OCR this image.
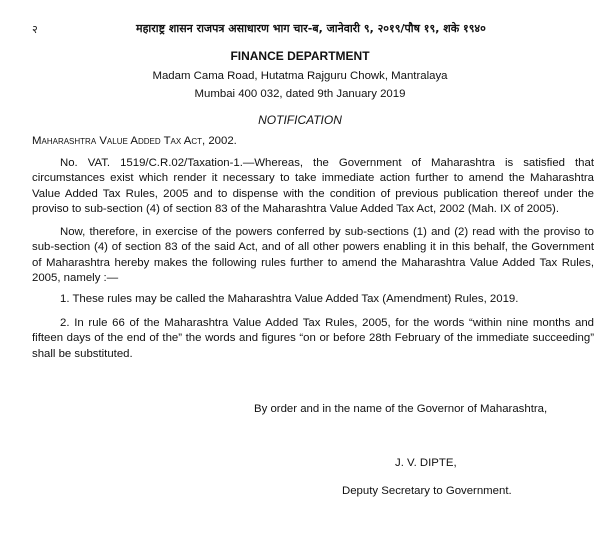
२	महाराष्ट्र शासन राजपत्र असाधारण भाग चार-ब, जानेवारी ९, २०१९/पौष १९, शके १९४०
FINANCE DEPARTMENT
Madam Cama Road, Hutatma Rajguru Chowk, Mantralaya
Mumbai 400 032, dated 9th January 2019
NOTIFICATION
Maharashtra Value Added Tax Act, 2002.

No. VAT. 1519/C.R.02/Taxation-1.—Whereas, the Government of Maharashtra is satisfied that circumstances exist which render it necessary to take immediate action further to amend the Maharashtra Value Added Tax Rules, 2005 and to dispense with the condition of previous publication thereof under the proviso to sub-section (4) of section 83 of the Maharashtra Value Added Tax Act, 2002 (Mah. IX of 2005).

Now, therefore, in exercise of the powers conferred by sub-sections (1) and (2) read with the proviso to sub-section (4) of section 83 of the said Act, and of all other powers enabling it in this behalf, the Government of Maharashtra hereby makes the following rules further to amend the Maharashtra Value Added Tax Rules, 2005, namely :—

1. These rules may be called the Maharashtra Value Added Tax (Amendment) Rules, 2019.

2. In rule 66 of the Maharashtra Value Added Tax Rules, 2005, for the words “within nine months and fifteen days of the end of the” the words and figures “on or before 28th February of the immediate succeeding” shall be substituted.

By order and in the name of the Governor of Maharashtra,
J. V. DIPTE,
Deputy Secretary to Government.
